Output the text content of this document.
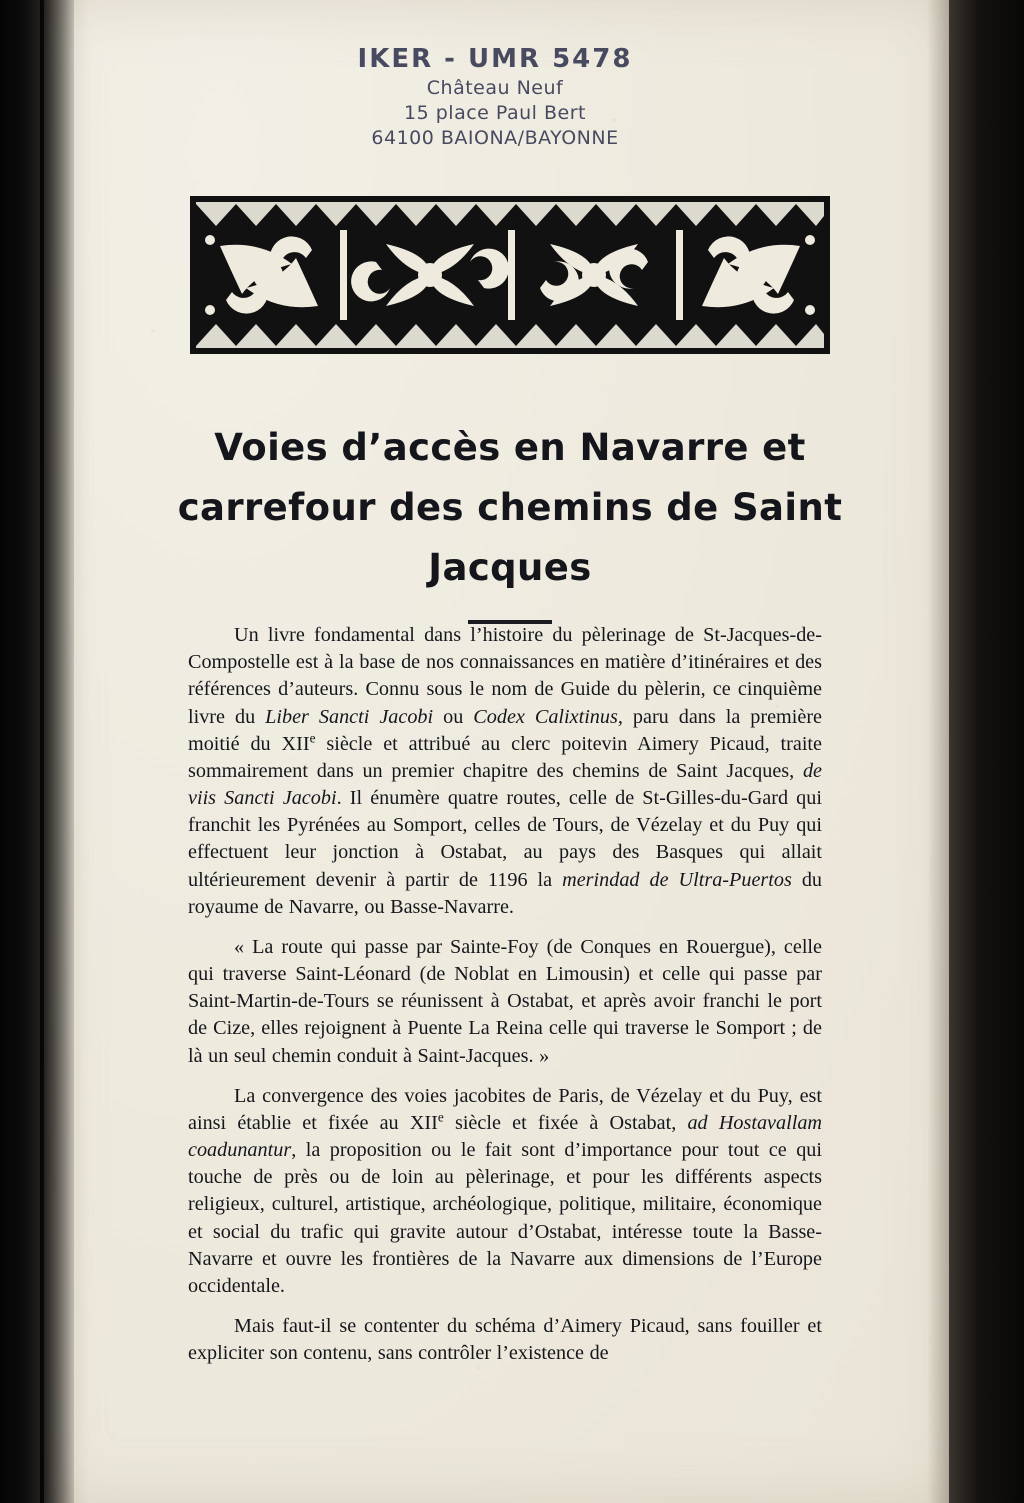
IKER - UMR 5478
Château Neuf
15 place Paul Bert
64100 BAIONA/BAYONNE
Voies d’accès en Navarre et
carrefour des chemins de Saint Jacques

Un livre fondamental dans l’histoire du pèlerinage de St-Jacques-de-Compostelle est à la base de nos connaissances en matière d’itinéraires et des références d’auteurs. Connu sous le nom de Guide du pèlerin, ce cinquième livre du Liber Sancti Jacobi ou Codex Calixtinus, paru dans la première moitié du XIIe siècle et attribué au clerc poitevin Aimery Picaud, traite sommairement dans un premier chapitre des chemins de Saint Jacques, de viis Sancti Jacobi. Il énumère quatre routes, celle de St-Gilles-du-Gard qui franchit les Pyrénées au Somport, celles de Tours, de Vézelay et du Puy qui effectuent leur jonction à Ostabat, au pays des Basques qui allait ultérieurement devenir à partir de 1196 la merindad de Ultra-Puertos du royaume de Navarre, ou Basse-Navarre.

« La route qui passe par Sainte-Foy (de Conques en Rouergue), celle qui traverse Saint-Léonard (de Noblat en Limousin) et celle qui passe par Saint-Martin-de-Tours se réunissent à Ostabat, et après avoir franchi le port de Cize, elles rejoignent à Puente La Reina celle qui traverse le Somport ; de là un seul chemin conduit à Saint-Jacques. »

La convergence des voies jacobites de Paris, de Vézelay et du Puy, est ainsi établie et fixée au XIIe siècle et fixée à Ostabat, ad Hostavallam coadunantur, la proposition ou le fait sont d’importance pour tout ce qui touche de près ou de loin au pèlerinage, et pour les différents aspects religieux, culturel, artistique, archéologique, politique, militaire, économique et social du trafic qui gravite autour d’Ostabat, intéresse toute la Basse-Navarre et ouvre les frontières de la Navarre aux dimensions de l’Europe occidentale.

Mais faut-il se contenter du schéma d’Aimery Picaud, sans fouiller et expliciter son contenu, sans contrôler l’existence de
